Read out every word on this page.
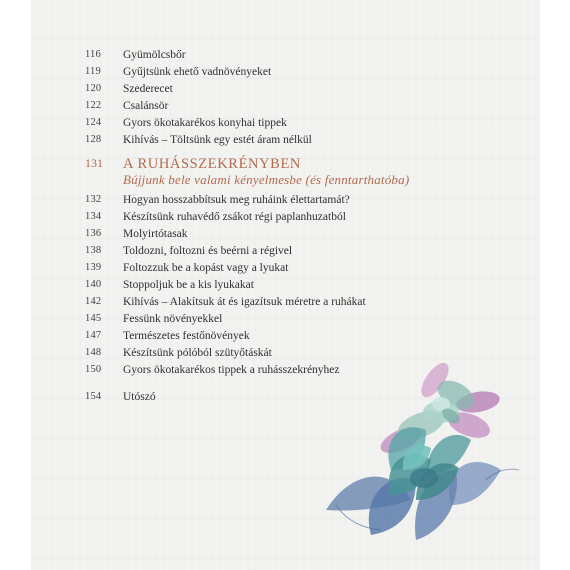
116	Gyümölcsbőr
119	Gyűjtsünk ehető vadnövényeket
120	Szederecet
122	Csalánsör
124	Gyors ökotakarékos konyhai tippek
128	Kihívás – Töltsünk egy estét áram nélkül
131 A RUHÁSSZEKRÉNYBEN
Bújjunk bele valami kényelmesbe (és fenntarthatóba)
132	Hogyan hosszabbítsuk meg ruháink élettartamát?
134	Készítsünk ruhavédő zsákot régi paplanhuzatból
136	Molyirtótasak
138	Toldozni, foltozni és beérni a régivel
139	Foltozzuk be a kopást vagy a lyukat
140	Stoppoljuk be a kis lyukakat
142	Kihívás – Alakítsuk át és igazítsuk méretre a ruhákat
145	Fessünk növényekkel
147	Természetes festőnövények
148	Készítsünk pólóból szütyőtáskát
150	Gyors ökotakarékos tippek a ruhásszekrényhez
154	Utószó
